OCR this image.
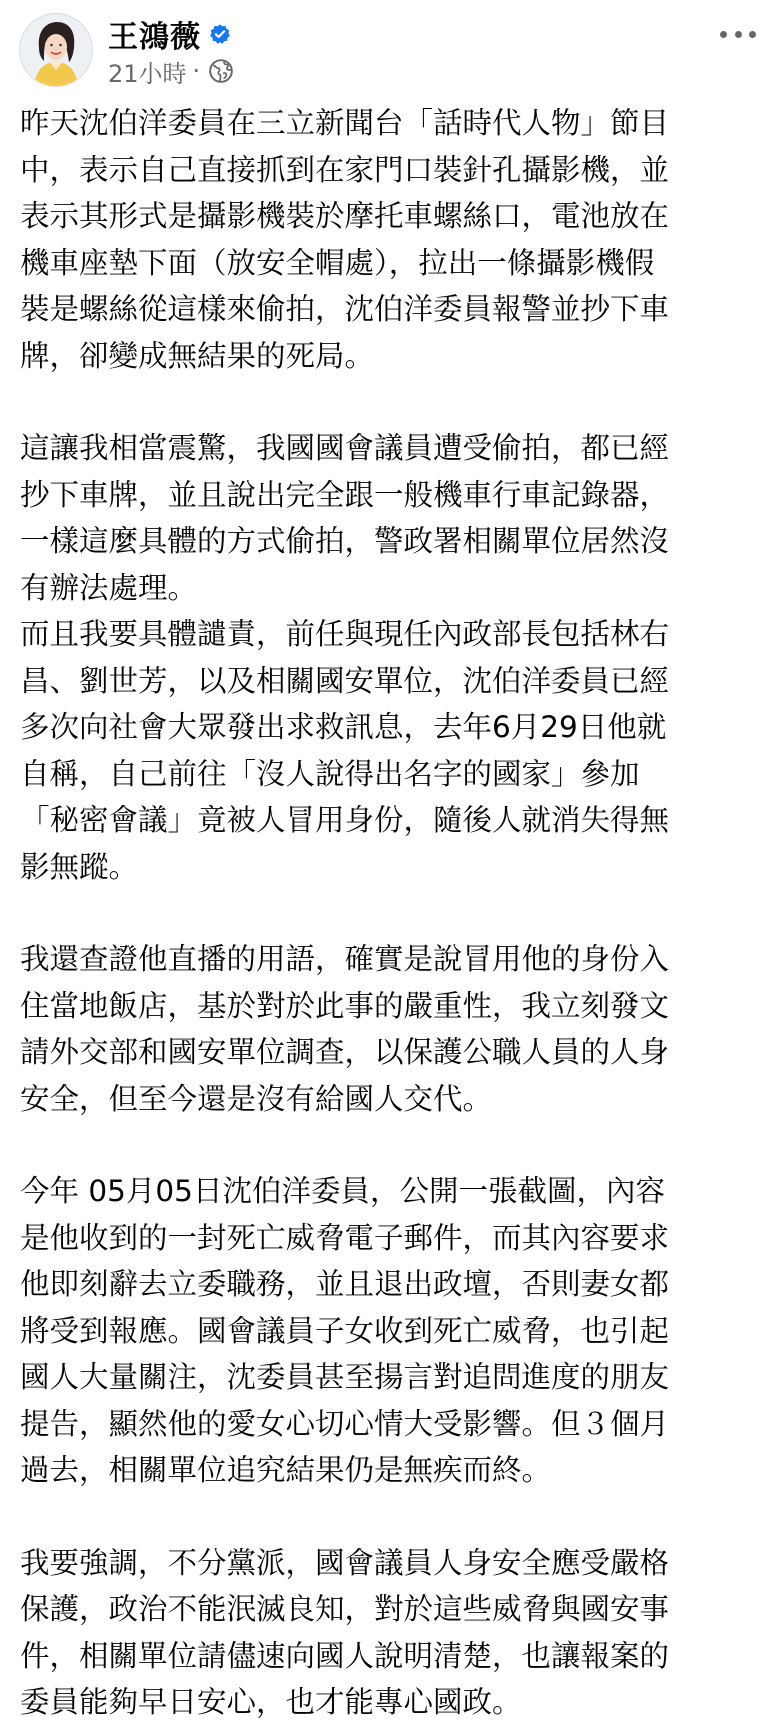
王鴻薇
21小時 ·

昨天沈伯洋委員在三立新聞台「話時代人物」節目
中，表示自己直接抓到在家門口裝針孔攝影機，並
表示其形式是攝影機裝於摩托車螺絲口，電池放在
機車座墊下面（放安全帽處），拉出一條攝影機假
裝是螺絲從這樣來偷拍，沈伯洋委員報警並抄下車
牌，卻變成無結果的死局。

這讓我相當震驚，我國國會議員遭受偷拍，都已經
抄下車牌，並且說出完全跟一般機車行車記錄器，
一樣這麼具體的方式偷拍，警政署相關單位居然沒
有辦法處理。

而且我要具體譴責，前任與現任內政部長包括林右
昌、劉世芳，以及相關國安單位，沈伯洋委員已經
多次向社會大眾發出求救訊息，去年6月29日他就
自稱，自己前往「沒人說得出名字的國家」參加
「秘密會議」竟被人冒用身份，隨後人就消失得無
影無蹤。

我還查證他直播的用語，確實是說冒用他的身份入
住當地飯店，基於對於此事的嚴重性，我立刻發文
請外交部和國安單位調查，以保護公職人員的人身
安全，但至今還是沒有給國人交代。

今年 05月05日沈伯洋委員，公開一張截圖，內容
是他收到的一封死亡威脅電子郵件，而其內容要求
他即刻辭去立委職務，並且退出政壇，否則妻女都
將受到報應。國會議員子女收到死亡威脅，也引起
國人大量關注，沈委員甚至揚言對追問進度的朋友
提告，顯然他的愛女心切心情大受影響。但３個月
過去，相關單位追究結果仍是無疾而終。

我要強調，不分黨派，國會議員人身安全應受嚴格
保護，政治不能泯滅良知，對於這些威脅與國安事
件，相關單位請儘速向國人說明清楚，也讓報案的
委員能夠早日安心，也才能專心國政。
